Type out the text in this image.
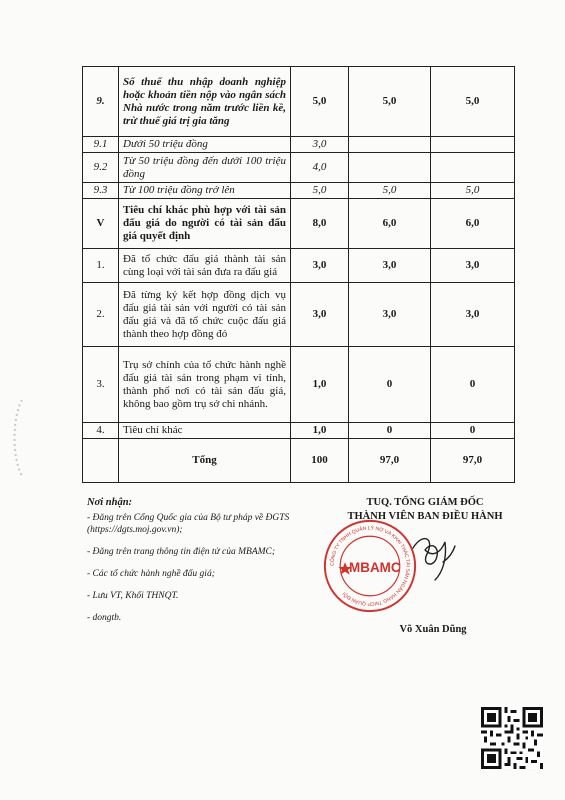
9.	Số thuế thu nhập doanh nghiệp hoặc khoản tiền nộp vào ngân sách Nhà nước trong năm trước liền kề, trừ thuế giá trị gia tăng	5,0	5,0	5,0
9.1	Dưới 50 triệu đồng	3,0		
9.2	Từ 50 triệu đồng đến dưới 100 triệu đồng	4,0		
9.3	Từ 100 triệu đồng trở lên	5,0	5,0	5,0
V	Tiêu chí khác phù hợp với tài sản đấu giá do người có tài sản đấu giá quyết định	8,0	6,0	6,0
1.	Đã tổ chức đấu giá thành tài sản cùng loại với tài sản đưa ra đấu giá	3,0	3,0	3,0
2.	Đã từng ký kết hợp đồng dịch vụ đấu giá tài sản với người có tài sản đấu giá và đã tổ chức cuộc đấu giá thành theo hợp đồng đó	3,0	3,0	3,0
3.	Trụ sở chính của tổ chức hành nghề đấu giá tài sản trong phạm vi tỉnh, thành phố nơi có tài sản đấu giá, không bao gồm trụ sở chi nhánh.	1,0	0	0
4.	Tiêu chí khác	1,0	0	0
	Tổng	100	97,0	97,0
Nơi nhận:
- Đăng trên Cổng Quốc gia của Bộ tư pháp về ĐGTS (https://dgts.moj.gov.vn);
- Đăng trên trang thông tin điện tử của MBAMC;
- Các tổ chức hành nghề đấu giá;
- Lưu VT, Khối THNQT.
- dongtb.
TUQ. TỔNG GIÁM ĐỐC
THÀNH VIÊN BAN ĐIỀU HÀNH
CÔNG TY TNHH QUẢN LÝ NỢ VÀ KHAI THÁC TÀI SẢN NGÂN HÀNG TMCP QUÂN ĐỘI
MBAMC
Võ Xuân Dũng
